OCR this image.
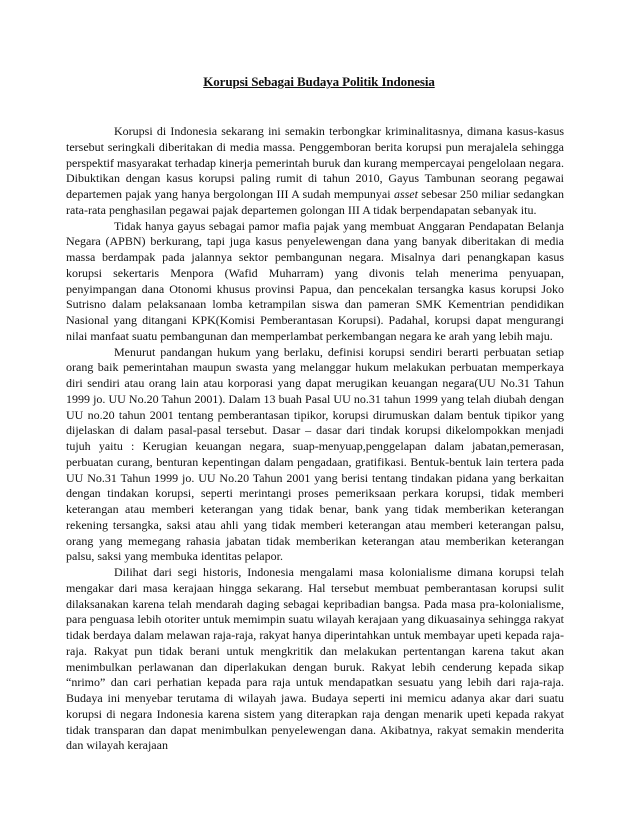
Korupsi Sebagai Budaya Politik Indonesia

Korupsi di Indonesia sekarang ini semakin terbongkar kriminalitasnya, dimana kasus-kasus tersebut seringkali diberitakan di media massa. Penggemboran berita korupsi pun merajalela sehingga perspektif masyarakat terhadap kinerja pemerintah buruk dan kurang mempercayai pengelolaan negara. Dibuktikan dengan kasus korupsi paling rumit di tahun 2010, Gayus Tambunan seorang pegawai departemen pajak yang hanya bergolongan III A sudah mempunyai asset sebesar 250 miliar sedangkan rata-rata penghasilan pegawai pajak departemen golongan III A tidak berpendapatan sebanyak itu.

Tidak hanya gayus sebagai pamor mafia pajak yang membuat Anggaran Pendapatan Belanja Negara (APBN) berkurang, tapi juga kasus penyelewengan dana yang banyak diberitakan di media massa berdampak pada jalannya sektor pembangunan negara. Misalnya dari penangkapan kasus korupsi sekertaris Menpora (Wafid Muharram) yang divonis telah menerima penyuapan, penyimpangan dana Otonomi khusus provinsi Papua, dan pencekalan tersangka kasus korupsi Joko Sutrisno dalam pelaksanaan lomba ketrampilan siswa dan pameran SMK Kementrian pendidikan Nasional yang ditangani KPK(Komisi Pemberantasan Korupsi). Padahal, korupsi dapat mengurangi nilai manfaat suatu pembangunan dan memperlambat perkembangan negara ke arah yang lebih maju.

Menurut pandangan hukum yang berlaku, definisi korupsi sendiri berarti perbuatan setiap orang baik pemerintahan maupun swasta yang melanggar hukum melakukan perbuatan memperkaya diri sendiri atau orang lain atau korporasi yang dapat merugikan keuangan negara(UU No.31 Tahun 1999 jo. UU No.20 Tahun 2001). Dalam 13 buah Pasal UU no.31 tahun 1999 yang telah diubah dengan UU no.20 tahun 2001 tentang pemberantasan tipikor, korupsi dirumuskan dalam bentuk tipikor yang dijelaskan di dalam pasal-pasal tersebut. Dasar – dasar dari tindak korupsi dikelompokkan menjadi tujuh yaitu : Kerugian keuangan negara, suap-menyuap,penggelapan dalam jabatan,pemerasan, perbuatan curang, benturan kepentingan dalam pengadaan, gratifikasi. Bentuk-bentuk lain tertera pada UU No.31 Tahun 1999 jo. UU No.20 Tahun 2001 yang berisi tentang tindakan pidana yang berkaitan dengan tindakan korupsi, seperti merintangi proses pemeriksaan perkara korupsi, tidak memberi keterangan atau memberi keterangan yang tidak benar, bank yang tidak memberikan keterangan rekening tersangka, saksi atau ahli yang tidak memberi keterangan atau memberi keterangan palsu, orang yang memegang rahasia jabatan tidak memberikan keterangan atau memberikan keterangan palsu, saksi yang membuka identitas pelapor.

Dilihat dari segi historis, Indonesia mengalami masa kolonialisme dimana korupsi telah mengakar dari masa kerajaan hingga sekarang. Hal tersebut membuat pemberantasan korupsi sulit dilaksanakan karena telah mendarah daging sebagai kepribadian bangsa. Pada masa pra-kolonialisme, para penguasa lebih otoriter untuk memimpin suatu wilayah kerajaan yang dikuasainya sehingga rakyat tidak berdaya dalam melawan raja-raja, rakyat hanya diperintahkan untuk membayar upeti kepada raja-raja. Rakyat pun tidak berani untuk mengkritik dan melakukan pertentangan karena takut akan menimbulkan perlawanan dan diperlakukan dengan buruk. Rakyat lebih cenderung kepada sikap “nrimo” dan cari perhatian kepada para raja untuk mendapatkan sesuatu yang lebih dari raja-raja. Budaya ini menyebar terutama di wilayah jawa. Budaya seperti ini memicu adanya akar dari suatu korupsi di negara Indonesia karena sistem yang diterapkan raja dengan menarik upeti kepada rakyat tidak transparan dan dapat menimbulkan penyelewengan dana. Akibatnya, rakyat semakin menderita dan wilayah kerajaan
